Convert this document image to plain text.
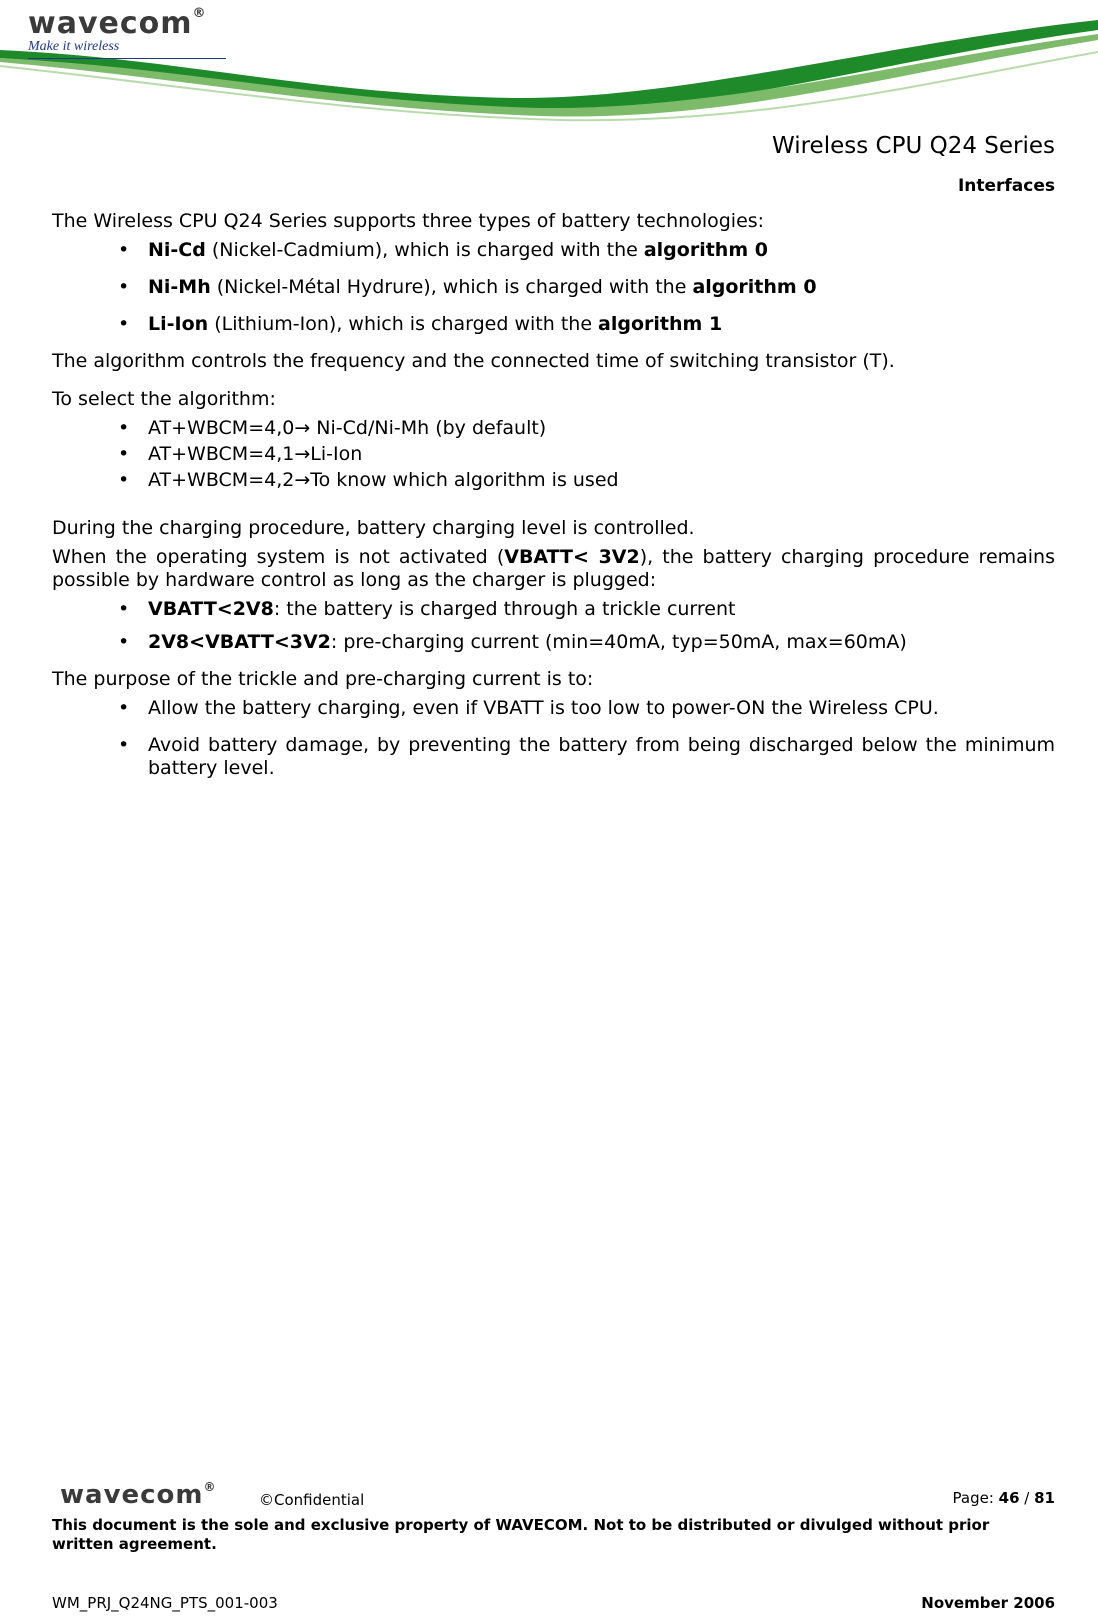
wavecom®
Make it wireless
Wireless CPU Q24 Series
Interfaces

The Wireless CPU Q24 Series supports three types of battery technologies:

• Ni-Cd (Nickel-Cadmium), which is charged with the algorithm 0
• Ni-Mh (Nickel-Métal Hydrure), which is charged with the algorithm 0
• Li-Ion (Lithium-Ion), which is charged with the algorithm 1

The algorithm controls the frequency and the connected time of switching transistor (T).

To select the algorithm:

• AT+WBCM=4,0→ Ni-Cd/Ni-Mh (by default)
• AT+WBCM=4,1→Li-Ion
• AT+WBCM=4,2→To know which algorithm is used

During the charging procedure, battery charging level is controlled.

When the operating system is not activated (VBATT< 3V2), the battery charging procedure remains possible by hardware control as long as the charger is plugged:

• VBATT<2V8: the battery is charged through a trickle current
• 2V8<VBATT<3V2: pre-charging current (min=40mA, typ=50mA, max=60mA)

The purpose of the trickle and pre-charging current is to:

• Allow the battery charging, even if VBATT is too low to power-ON the Wireless CPU.
• Avoid battery damage, by preventing the battery from being discharged below the minimum battery level.
wavecom®
©Confidential	Page: 46 / 81
This document is the sole and exclusive property of WAVECOM. Not to be distributed or divulged without prior written agreement.
WM_PRJ_Q24NG_PTS_001-003	November 2006
